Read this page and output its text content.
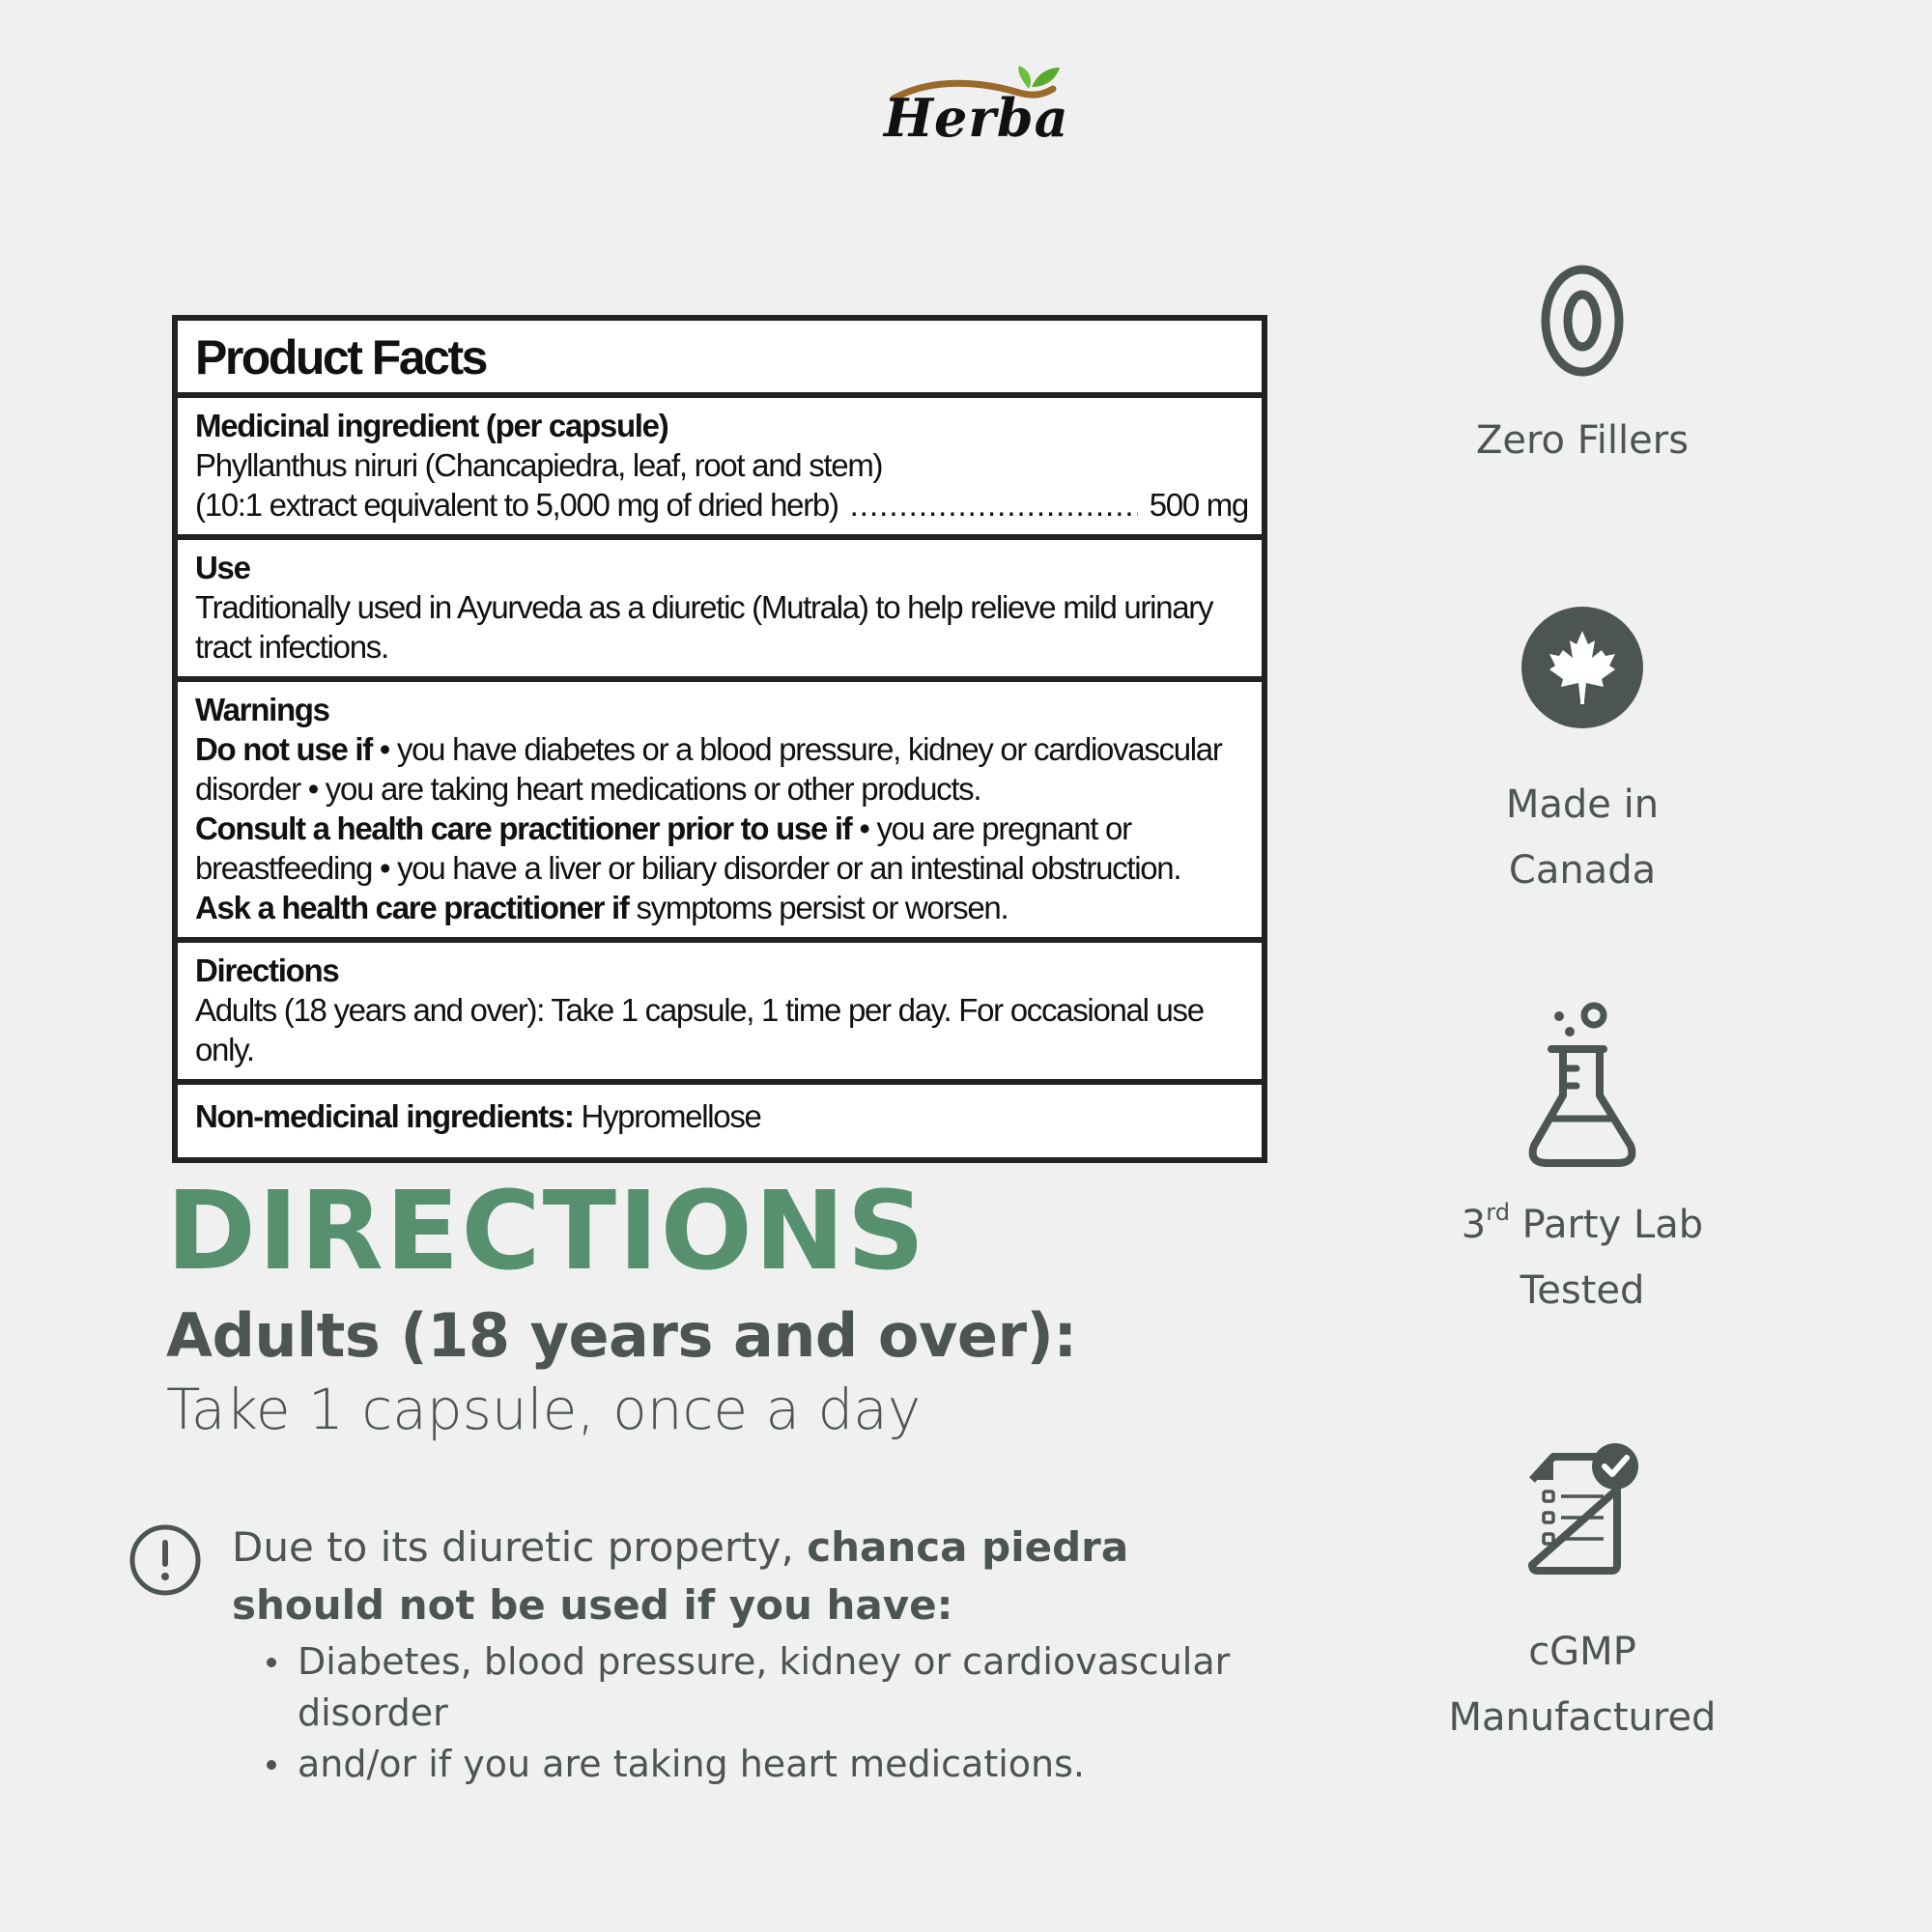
Herba
Product Facts
Medicinal ingredient (per capsule)
Phyllanthus niruri (Chancapiedra, leaf, root and stem)
(10:1 extract equivalent to 5,000 mg of dried herb) .....	500 mg
Use
Traditionally used in Ayurveda as a diuretic (Mutrala) to help relieve mild urinary tract infections.
Warnings
Do not use if • you have diabetes or a blood pressure, kidney or cardiovascular disorder • you are taking heart medications or other products.
Consult a health care practitioner prior to use if • you are pregnant or breastfeeding • you have a liver or biliary disorder or an intestinal obstruction.
Ask a health care practitioner if symptoms persist or worsen.
Directions
Adults (18 years and over): Take 1 capsule, 1 time per day. For occasional use only.
Non-medicinal ingredients: Hypromellose
DIRECTIONS
Adults (18 years and over):
Take 1 capsule, once a day
Due to its diuretic property, chanca piedra should not be used if you have:
Diabetes, blood pressure, kidney or cardiovascular disorder
and/or if you are taking heart medications.
Zero Fillers
Made in
Canada
3rd Party Lab
Tested
cGMP
Manufactured
